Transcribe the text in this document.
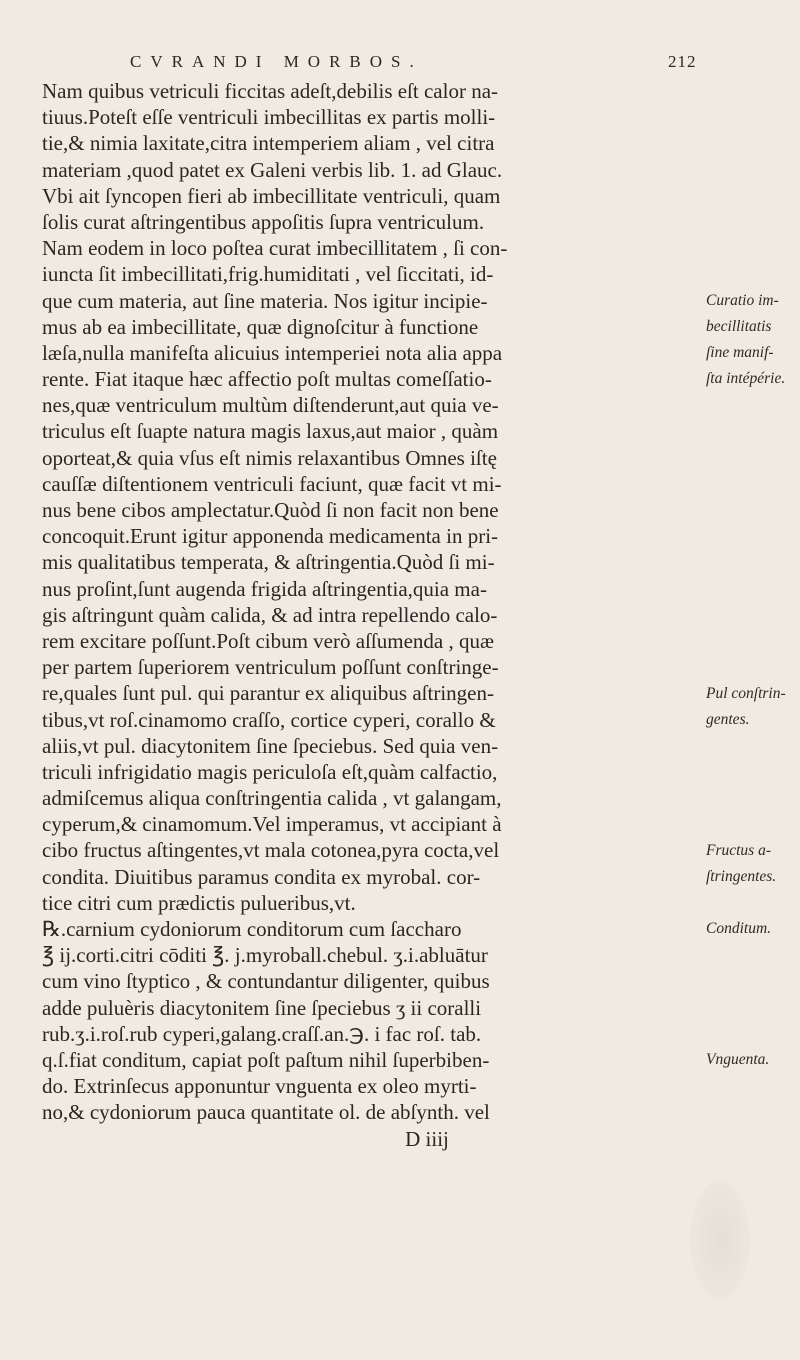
CVRANDI MORBOS.	212
Nam quibus vetriculi ficcitas adeſt,debilis eſt calor na-
tiuus.Poteſt eſſe ventriculi imbecillitas ex partis molli-
tie,& nimia laxitate,citra intemperiem aliam , vel citra
materiam ,quod patet ex Galeni verbis lib. 1. ad Glauc.
Vbi ait ſyncopen fieri ab imbecillitate ventriculi, quam
ſolis curat aſtringentibus appoſitis ſupra ventriculum.
Nam eodem in loco poſtea curat imbecillitatem , ſi con-
iuncta ſit imbecillitati,frig.humiditati , vel ſiccitati, id-
que cum materia, aut ſine materia. Nos igitur incipie-
mus ab ea imbecillitate, quæ dignoſcitur à functione
læſa,nulla manifeſta alicuius intemperiei nota alia appa
rente. Fiat itaque hæc affectio poſt multas comeſſatio-
nes,quæ ventriculum multùm diſtenderunt,aut quia ve-
triculus eſt ſuapte natura magis laxus,aut maior , quàm
oporteat,& quia vſus eſt nimis relaxantibus Omnes iſtę
cauſſæ diſtentionem ventriculi faciunt, quæ facit vt mi-
nus bene cibos amplectatur.Quòd ſi non facit non bene
concoquit.Erunt igitur apponenda medicamenta in pri-
mis qualitatibus temperata, & aſtringentia.Quòd ſi mi-
nus proſint,ſunt augenda frigida aſtringentia,quia ma-
gis aſtringunt quàm calida, & ad intra repellendo calo-
rem excitare poſſunt.Poſt cibum verò aſſumenda , quæ
per partem ſuperiorem ventriculum poſſunt conſtringe-
re,quales ſunt pul. qui parantur ex aliquibus aſtringen-
tibus,vt roſ.cinamomo craſſo, cortice cyperi, corallo &
aliis,vt pul. diacytonitem ſine ſpeciebus. Sed quia ven-
triculi infrigidatio magis periculoſa eſt,quàm calfactio,
admiſcemus aliqua conſtringentia calida , vt galangam,
cyperum,& cinamomum.Vel imperamus, vt accipiant à
cibo fructus aſtingentes,vt mala cotonea,pyra cocta,vel
condita. Diuitibus paramus condita ex myrobal. cor-
tice citri cum prædictis pulueribus,vt.
℞.carnium cydoniorum conditorum cum ſaccharo
℥ ij.corti.citri cōditi ℥. j.myroball.chebul. ʒ.i.abluātur
cum vino ſtyptico , & contundantur diligenter, quibus
adde puluèris diacytonitem ſine ſpeciebus ʒ ii coralli
rub.ʒ.i.roſ.rub cyperi,galang.craſſ.an.℈. i fac roſ. tab.
q.ſ.fiat conditum, capiat poſt paſtum nihil ſuperbiben-
do. Extrinſecus apponuntur vnguenta ex oleo myrti-
no,& cydoniorum pauca quantitate ol. de abſynth. vel
D iiij
Curatio im-
becillitatis
ſine manif-
ſta intépérie.
Pul conſtrin-
gentes.
Fructus a-
ſtringentes.
Conditum.
Vnguenta.
